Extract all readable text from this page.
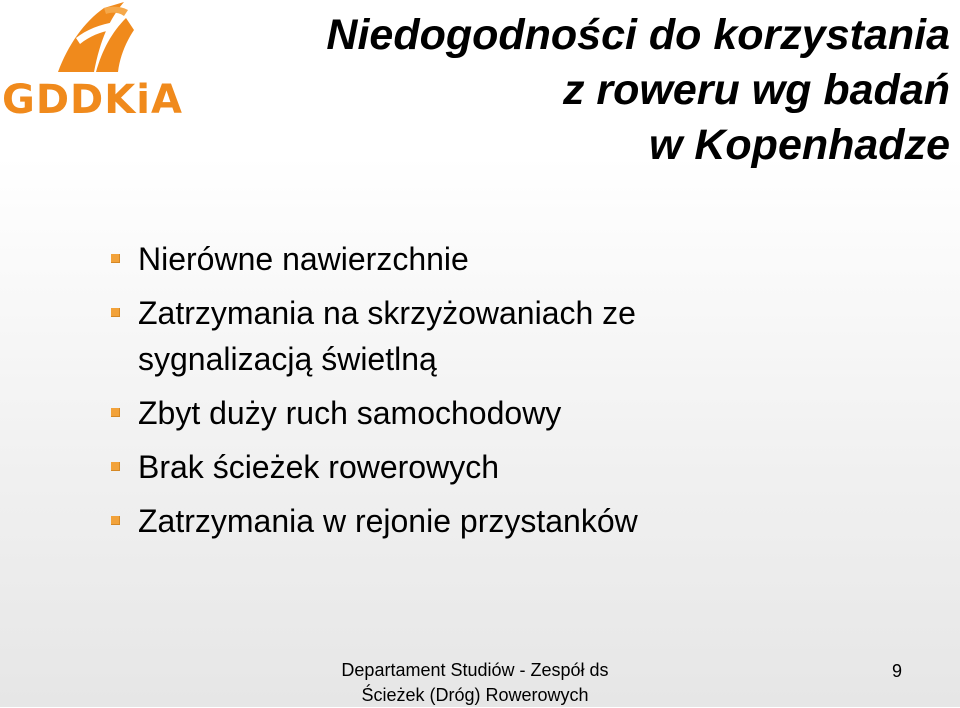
GDDKiA
Niedogodności do korzystania
z roweru wg badań
w Kopenhadze
Nierówne nawierzchnie
Zatrzymania na skrzyżowaniach ze
sygnalizacją świetlną
Zbyt duży ruch samochodowy
Brak ścieżek rowerowych
Zatrzymania w rejonie przystanków
Departament Studiów - Zespół ds
Ścieżek (Dróg) Rowerowych
9
